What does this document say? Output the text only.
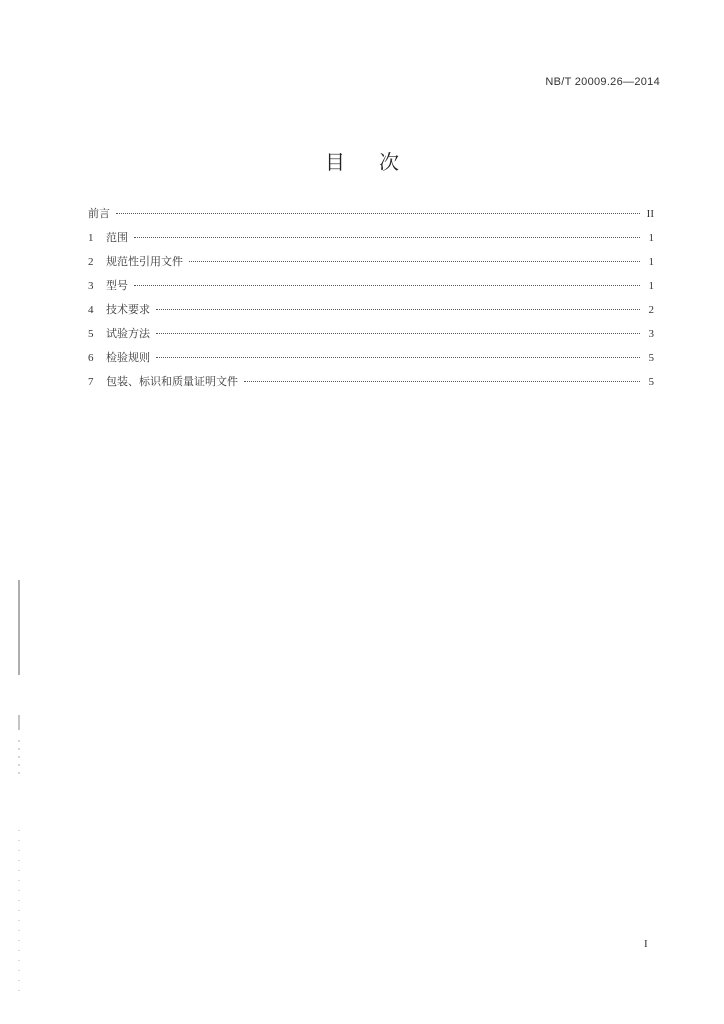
NB/T 20009.26—2014
目次
前言	II
1	范围	1
2	规范性引用文件	1
3	型号	1
4	技术要求	2
5	试验方法	3
6	检验规则	5
7	包装、标识和质量证明文件	5
I
